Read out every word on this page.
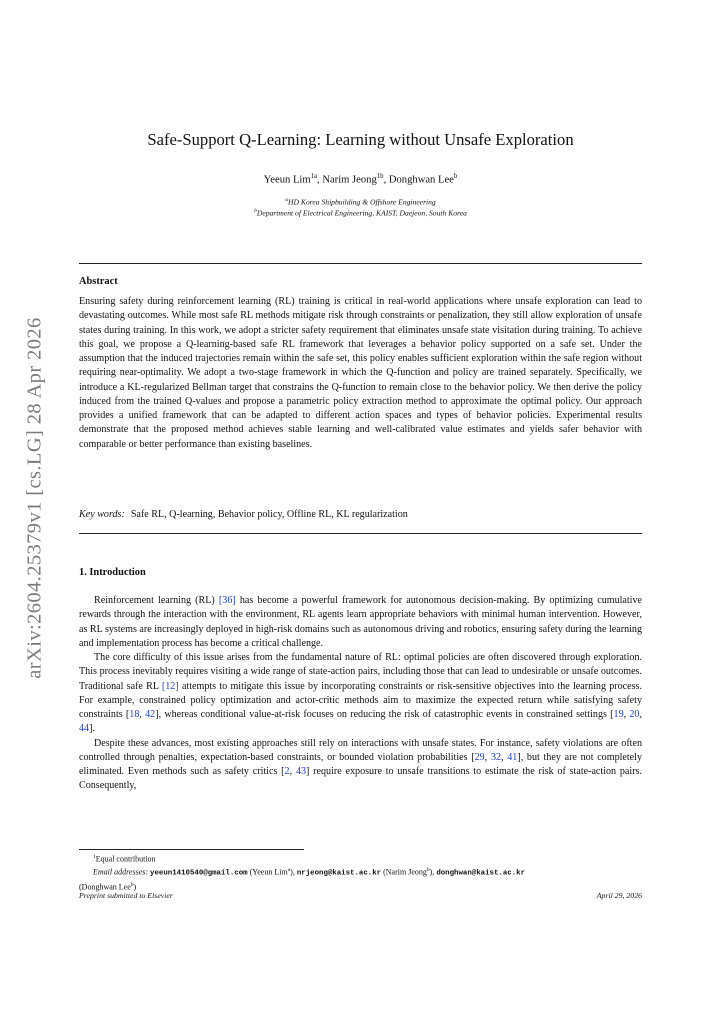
arXiv:2604.25379v1 [cs.LG] 28 Apr 2026
Safe-Support Q-Learning: Learning without Unsafe Exploration
Yeeun Lim$^{1a}$, Narim Jeong$^{1b}$, Donghwan Lee$^b$
$^a$HD Korea Shipbuilding & Offshore Engineering
$^b$Department of Electrical Engineering, KAIST, Daejeon, South Korea
Abstract
Ensuring safety during reinforcement learning (RL) training is critical in real-world applications where unsafe exploration can lead to devastating outcomes. While most safe RL methods mitigate risk through constraints or penalization, they still allow exploration of unsafe states during training. In this work, we adopt a stricter safety requirement that eliminates unsafe state visitation during training. To achieve this goal, we propose a Q-learning-based safe RL framework that leverages a behavior policy supported on a safe set. Under the assumption that the induced trajectories remain within the safe set, this policy enables sufficient exploration within the safe region without requiring near-optimality. We adopt a two-stage framework in which the Q-function and policy are trained separately. Specifically, we introduce a KL-regularized Bellman target that constrains the Q-function to remain close to the behavior policy. We then derive the policy induced from the trained Q-values and propose a parametric policy extraction method to approximate the optimal policy. Our approach provides a unified framework that can be adapted to different action spaces and types of behavior policies. Experimental results demonstrate that the proposed method achieves stable learning and well-calibrated value estimates and yields safer behavior with comparable or better performance than existing baselines.
Key words: Safe RL, Q-learning, Behavior policy, Offline RL, KL regularization
1. Introduction

Reinforcement learning (RL) [36] has become a powerful framework for autonomous decision-making. By optimizing cumulative rewards through the interaction with the environment, RL agents learn appropriate behaviors with minimal human intervention. However, as RL systems are increasingly deployed in high-risk domains such as autonomous driving and robotics, ensuring safety during the learning and implementation process has become a critical challenge.

The core difficulty of this issue arises from the fundamental nature of RL: optimal policies are often discovered through exploration. This process inevitably requires visiting a wide range of state-action pairs, including those that can lead to undesirable or unsafe outcomes. Traditional safe RL [12] attempts to mitigate this issue by incorporating constraints or risk-sensitive objectives into the learning process. For example, constrained policy optimization and actor-critic methods aim to maximize the expected return while satisfying safety constraints [18, 42], whereas conditional value-at-risk focuses on reducing the risk of catastrophic events in constrained settings [19, 20, 44].

Despite these advances, most existing approaches still rely on interactions with unsafe states. For instance, safety violations are often controlled through penalties, expectation-based constraints, or bounded violation probabilities [29, 32, 41], but they are not completely eliminated. Even methods such as safety critics [2, 43] require exposure to unsafe transitions to estimate the risk of state-action pairs. Consequently,

$^1$Equal contribution
Email addresses: yeeun1410540@gmail.com (Yeeun Lim$^a$), nrjeong@kaist.ac.kr (Narim Jeong$^b$), donghwan@kaist.ac.kr
(Donghwan Lee$^b$)
Preprint submitted to Elsevier	April 29, 2026
